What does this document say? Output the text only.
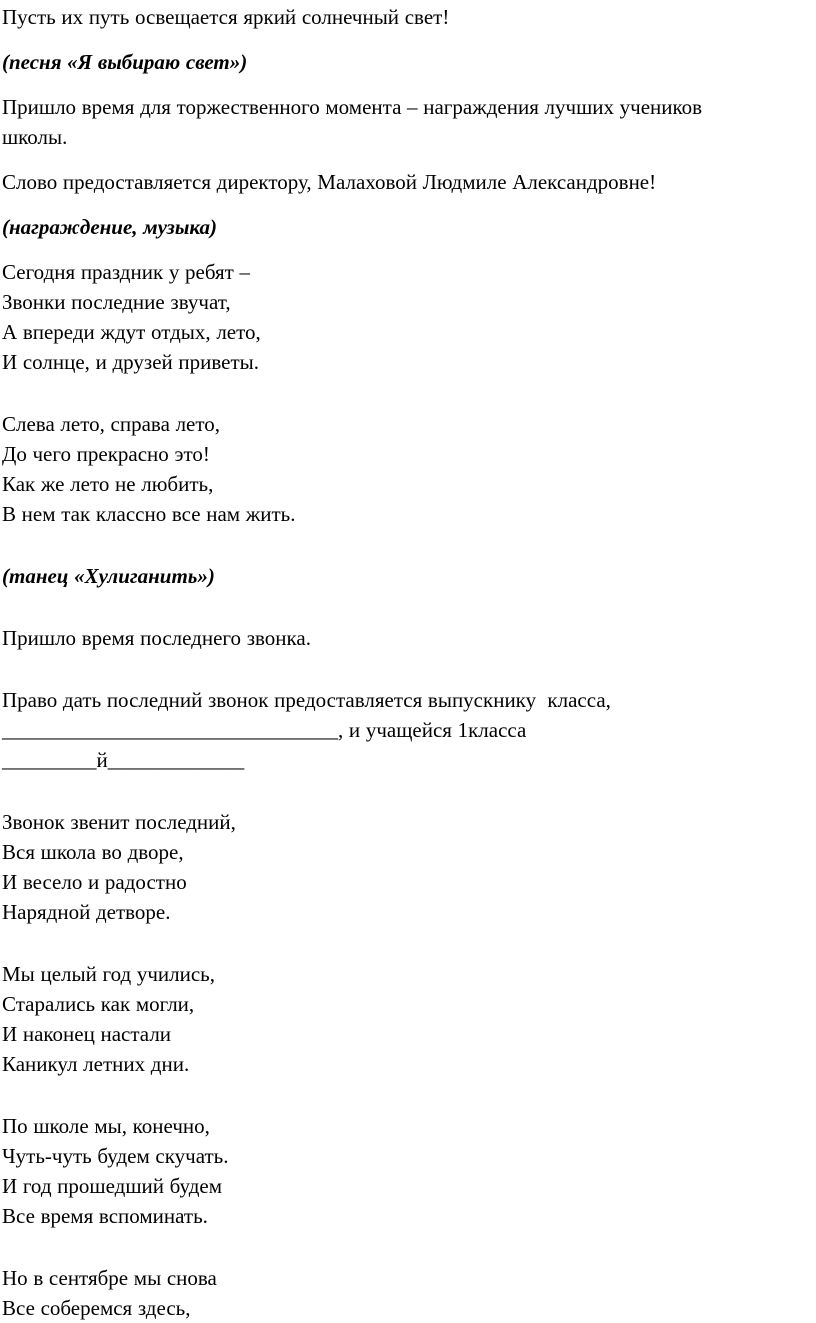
Пусть их путь освещается яркий солнечный свет!

(песня «Я выбираю свет»)

Пришло время для торжественного момента – награждения лучших учеников
школы.

Слово предоставляется директору, Малаховой Людмиле Александровне!

(награждение, музыка)

Сегодня праздник у ребят –
Звонки последние звучат,
А впереди ждут отдых, лето,
И солнце, и друзей приветы.

Слева лето, справа лето,
До чего прекрасно это!
Как же лето не любить,
В нем так классно все нам жить.

(танец «Хулиганить»)

Пришло время последнего звонка.

Право дать последний звонок предоставляется выпускнику  класса,
________________________________, и учащейся 1класса         _________й_____________

Звонок звенит последний,
Вся школа во дворе,
И весело и радостно
Нарядной детворе.

Мы целый год учились,
Старались как могли,
И наконец настали
Каникул летних дни.

По школе мы, конечно,
Чуть-чуть будем скучать.
И год прошедший будем
Все время вспоминать.

Но в сентябре мы снова
Все соберемся здесь,
